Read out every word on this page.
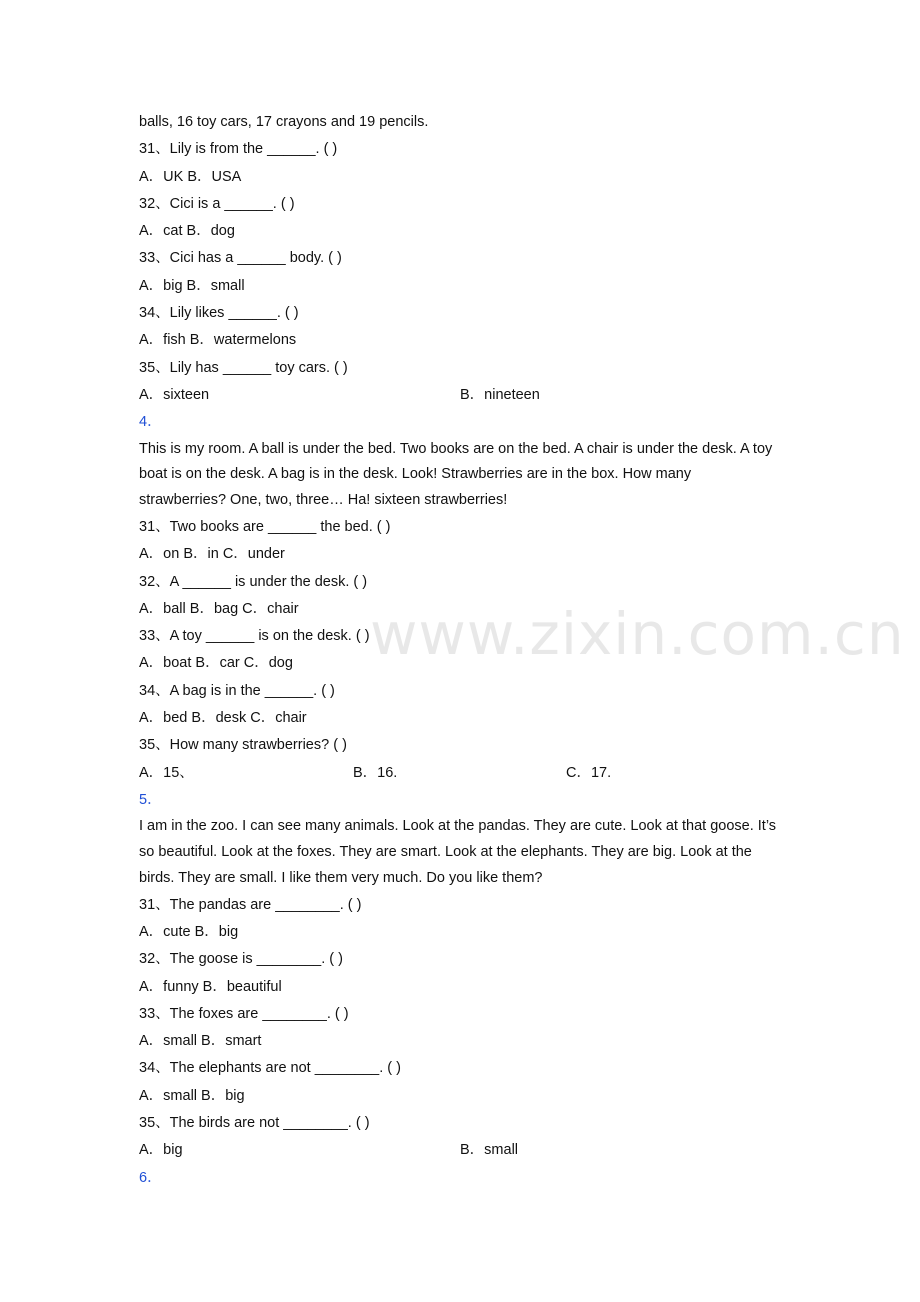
www.zixin.com.cn
balls, 16 toy cars, 17 crayons and 19 pencils.
31、Lily is from the ______. ( )
A．UK B．USA
32、Cici is a ______. ( )
A．cat B．dog
33、Cici has a ______ body. ( )
A．big B．small
34、Lily likes ______. ( )
A．fish B．watermelons
35、Lily has ______ toy cars. ( )
A．sixteen	B．nineteen
4．

This is my room. A ball is under the bed. Two books are on the bed. A chair is under the desk. A toy boat is on the desk. A bag is in the desk. Look! Strawberries are in the box. How many strawberries? One, two, three… Ha! sixteen strawberries!

31、Two books are ______ the bed. ( )
A．on B．in C．under
32、A ______ is under the desk. ( )
A．ball B．bag C．chair
33、A toy ______ is on the desk. ( )
A．boat B．car C．dog
34、A bag is in the ______. ( )
A．bed B．desk C．chair
35、How many strawberries? ( )
A．15、	B．16.	C．17.
5．

I am in the zoo. I can see many animals. Look at the pandas. They are cute. Look at that goose. It’s so beautiful. Look at the foxes. They are smart. Look at the elephants. They are big. Look at the birds. They are small. I like them very much. Do you like them?

31、The pandas are ________. ( )
A．cute B．big
32、The goose is ________. ( )
A．funny B．beautiful
33、The foxes are ________. ( )
A．small B．smart
34、The elephants are not ________. ( )
A．small B．big
35、The birds are not ________. ( )
A．big	B．small
6．
